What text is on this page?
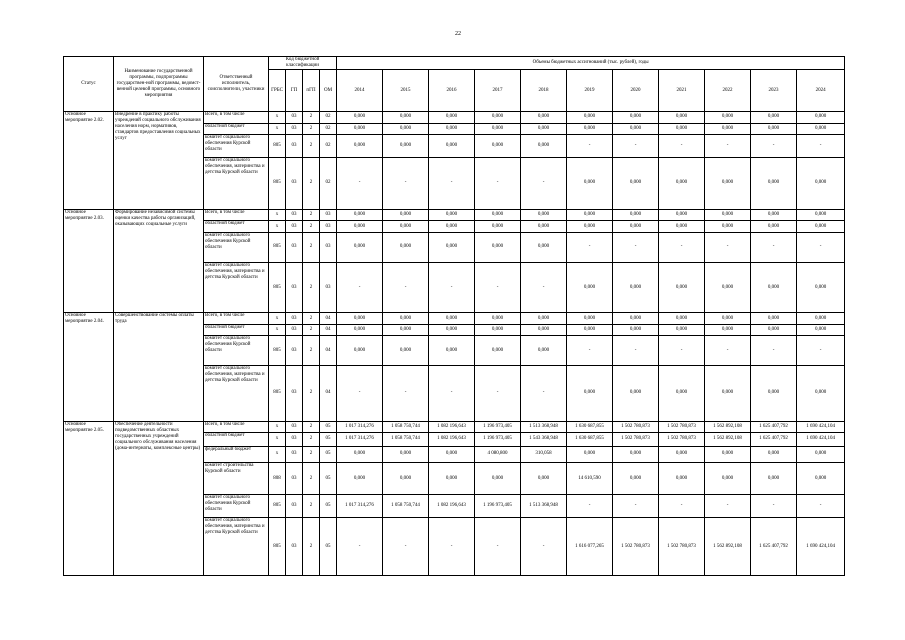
22
Статус	Наименование государственной программы, подпрограммы государствен-ной программы, ведомст-венной целевой программы, основного мероприятия	Ответственный исполнитель, соисполнители, участники	Код бюджетной классификации				Объемы бюджетных ассигнований (тыс. рублей), годы										
			ГРБС	ГП	пГП	ОМ	2014	2015	2016	2017	2018	2019	2020	2021	2022	2023	2024

Основное мероприятие 2.02.	Внедрение в практику работы учреждений социального обслуживания населения норм, нормативов, стандартов предоставления социальных услуг	Всего, в том числе	x	03	2	02	0,000	0,000	0,000	0,000	0,000	0,000	0,000	0,000	0,000	0,000	0,000
		областной бюджет	x	03	2	02	0,000	0,000	0,000	0,000	0,000	0,000	0,000	0,000	0,000	0,000	0,000
		комитет социального обеспечения Курской области	805	03	2	02	0,000	0,000	0,000	0,000	0,000	-	-	-	-	-	-
		комитет социального обеспечения, материнства и детства Курской области	805	03	2	02	-	-	-	-	-	0,000	0,000	0,000	0,000	0,000	0,000
Основное мероприятие 2.03.	Формирование независимой системы оценки качества работы организаций, оказывающих социальные услуги	Всего, в том числе	x	03	2	03	0,000	0,000	0,000	0,000	0,000	0,000	0,000	0,000	0,000	0,000	0,000
		областной бюджет	x	03	2	03	0,000	0,000	0,000	0,000	0,000	0,000	0,000	0,000	0,000	0,000	0,000
		комитет социального обеспечения Курской области	805	03	2	03	0,000	0,000	0,000	0,000	0,000	-	-	-	-	-	-
		комитет социального обеспечения, материнства и детства Курской области	805	03	2	03	-	-	-	-	-	0,000	0,000	0,000	0,000	0,000	0,000
Основное мероприятие 2.04.	Совершенствование системы оплаты труда	Всего, в том числе	x	03	2	04	0,000	0,000	0,000	0,000	0,000	0,000	0,000	0,000	0,000	0,000	0,000
		областной бюджет	x	03	2	04	0,000	0,000	0,000	0,000	0,000	0,000	0,000	0,000	0,000	0,000	0,000
		комитет социального обеспечения Курской области	805	03	2	04	0,000	0,000	0,000	0,000	0,000	-	-	-	-	-	-
		комитет социального обеспечения, материнства и детства Курской области	805	03	2	04	-	-	-	-	-	0,000	0,000	0,000	0,000	0,000	0,000
Основное мероприятие 2.05.	Обеспечение деятельности подведомственных областных государственных учреждений социального обслуживания населения (дома-интернаты, комплексные центры)	Всего, в том числе	x	03	2	05	1 017 314,276	1 058 750,744	1 082 196,643	1 196 973,405	1 513 368,948	1 630 687,855	1 502 780,873	1 502 780,873	1 562 892,108	1 625 407,792	1 690 424,104
		областной бюджет	x	03	2	05	1 017 314,276	1 058 750,744	1 082 196,643	1 196 973,405	1 543 368,948	1 630 687,855	1 502 780,873	1 502 780,873	1 562 892,108	1 625 407,792	1 690 424,104
		федеральный бюджет	x	03	2	05	0,000	0,000	0,000	4 080,800	310,058	0,000	0,000	0,000	0,000	0,000	0,000
		комитет строительства Курской области	808	03	2	05	0,000	0,000	0,000	0,000	0,000	14 610,590	0,000	0,000	0,000	0,000	0,000
		комитет социального обеспечения Курской области	805	03	2	05	1 017 314,276	1 058 750,744	1 082 196,643	1 196 973,405	1 513 368,948	-	-	-	-	-	-
		комитет социального обеспечения, материнства и детства Курской области	805	03	2	05	-	-	-	-	-	1 616 077,265	1 502 780,873	1 502 780,873	1 562 892,108	1 625 407,792	1 690 424,104
